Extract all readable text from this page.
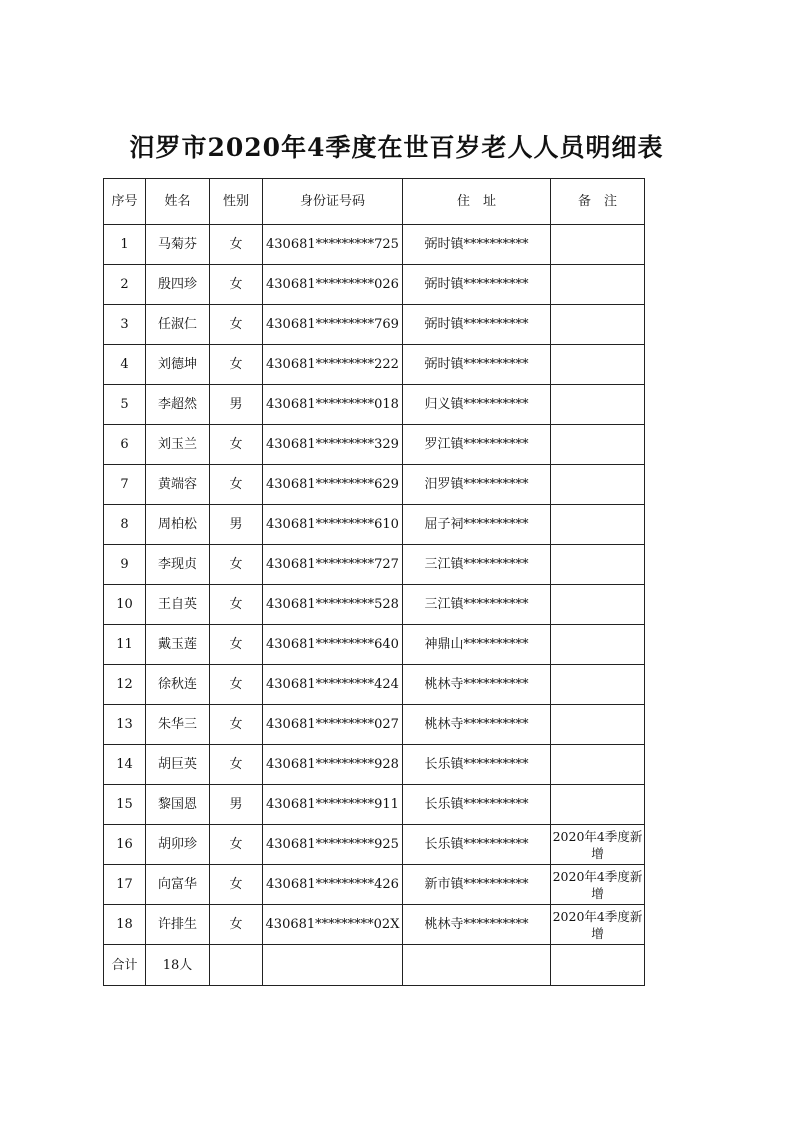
汨罗市2020年4季度在世百岁老人人员明细表
序号	姓名	性别	身份证号码	住　址	备　注
1	马菊芬	女	430681*********725	弼时镇**********	
2	殷四珍	女	430681*********026	弼时镇**********	
3	任淑仁	女	430681*********769	弼时镇**********	
4	刘德坤	女	430681*********222	弼时镇**********	
5	李超然	男	430681*********018	归义镇**********	
6	刘玉兰	女	430681*********329	罗江镇**********	
7	黄端容	女	430681*********629	汨罗镇**********	
8	周柏松	男	430681*********610	屈子祠**********	
9	李现贞	女	430681*********727	三江镇**********	
10	王自英	女	430681*********528	三江镇**********	
11	戴玉莲	女	430681*********640	神鼎山**********	
12	徐秋连	女	430681*********424	桃林寺**********	
13	朱华三	女	430681*********027	桃林寺**********	
14	胡巨英	女	430681*********928	长乐镇**********	
15	黎国恩	男	430681*********911	长乐镇**********	
16	胡卯珍	女	430681*********925	长乐镇**********	2020年4季度新增
17	向富华	女	430681*********426	新市镇**********	2020年4季度新增
18	许排生	女	430681*********02X	桃林寺**********	2020年4季度新增
合计	18人				
